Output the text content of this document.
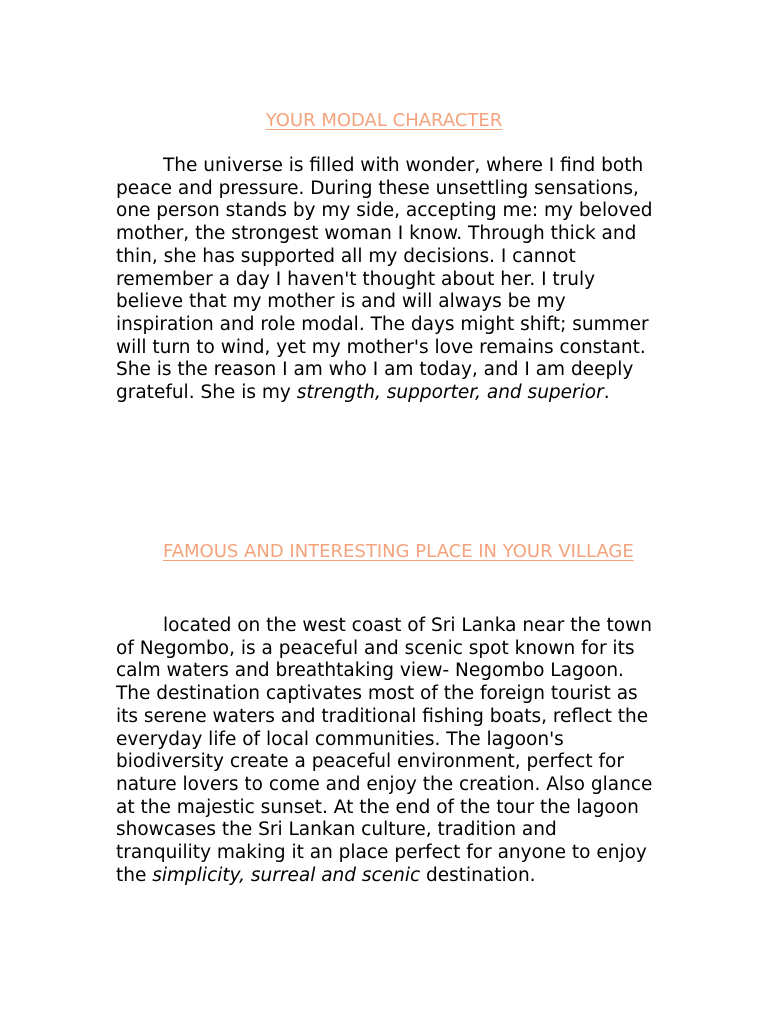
YOUR MODAL CHARACTER

The universe is filled with wonder, where I find both peace and pressure. During these unsettling sensations, one person stands by my side, accepting me: my beloved mother, the strongest woman I know. Through thick and thin, she has supported all my decisions. I cannot remember a day I haven't thought about her. I truly believe that my mother is and will always be my inspiration and role modal. The days might shift; summer will turn to wind, yet my mother's love remains constant. She is the reason I am who I am today, and I am deeply grateful. She is my strength, supporter, and superior.

FAMOUS AND INTERESTING PLACE IN YOUR VILLAGE

located on the west coast of Sri Lanka near the town of Negombo, is a peaceful and scenic spot known for its calm waters and breathtaking view- Negombo Lagoon. The destination captivates most of the foreign tourist as its serene waters and traditional fishing boats, reflect the everyday life of local communities. The lagoon's biodiversity create a peaceful environment, perfect for nature lovers to come and enjoy the creation. Also glance at the majestic sunset. At the end of the tour the lagoon showcases the Sri Lankan culture, tradition and tranquility making it an place perfect for anyone to enjoy the simplicity, surreal and scenic destination.
